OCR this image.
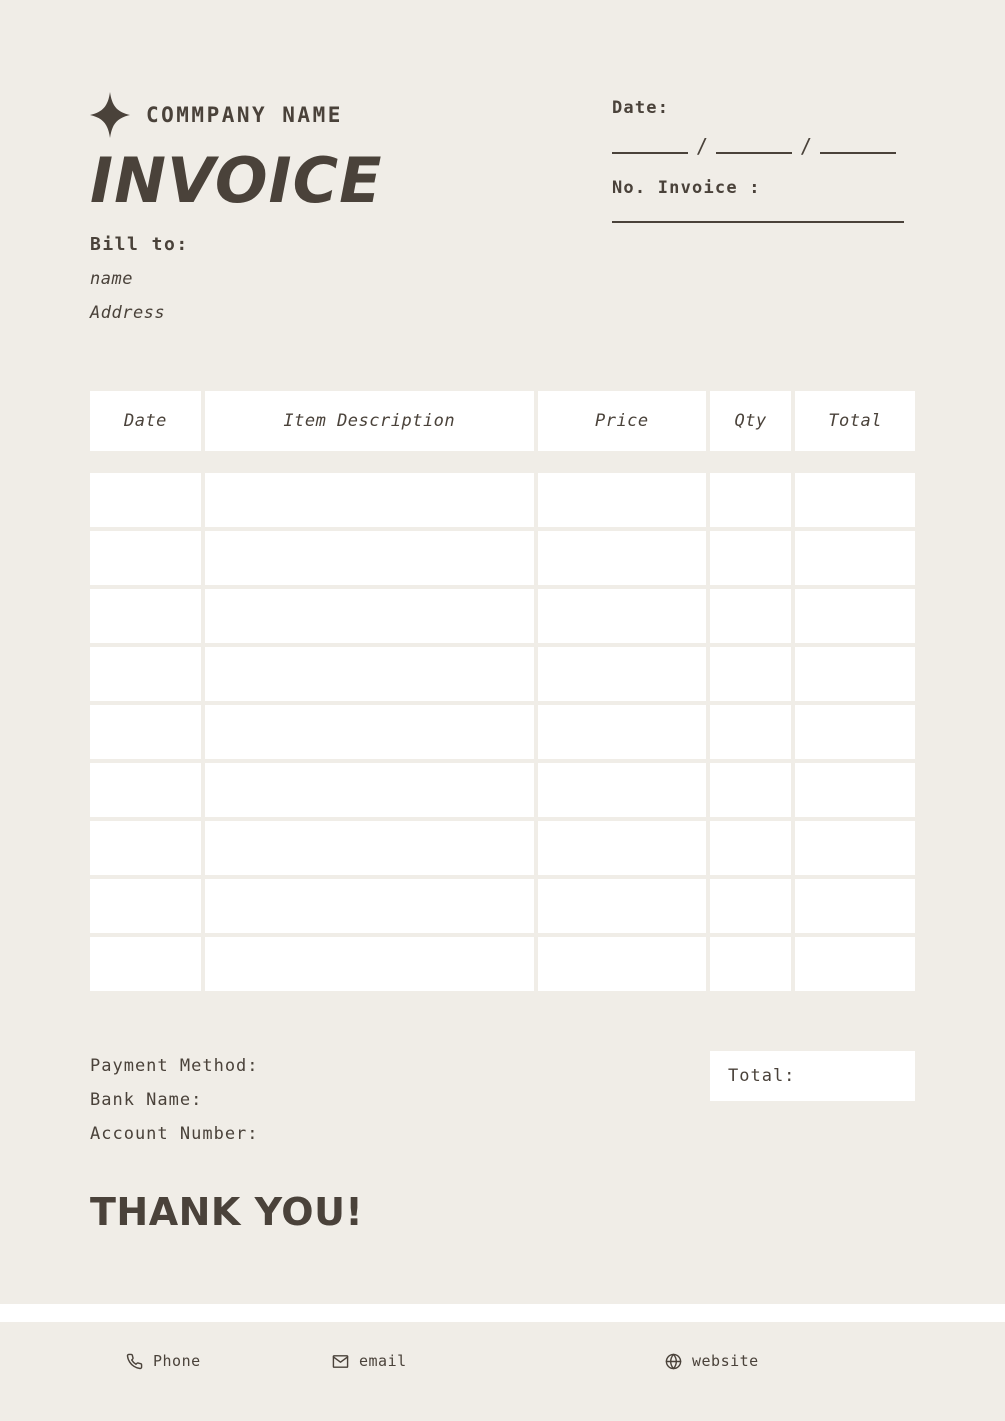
COMMPANY NAME
INVOICE
Date:
/	/
No. Invoice :
Bill to:
name
Address
Date	Item Description	Price	Qty	Total
Payment Method:
Bank Name:
Account Number:
Total:
THANK YOU!
Phone	email	website
